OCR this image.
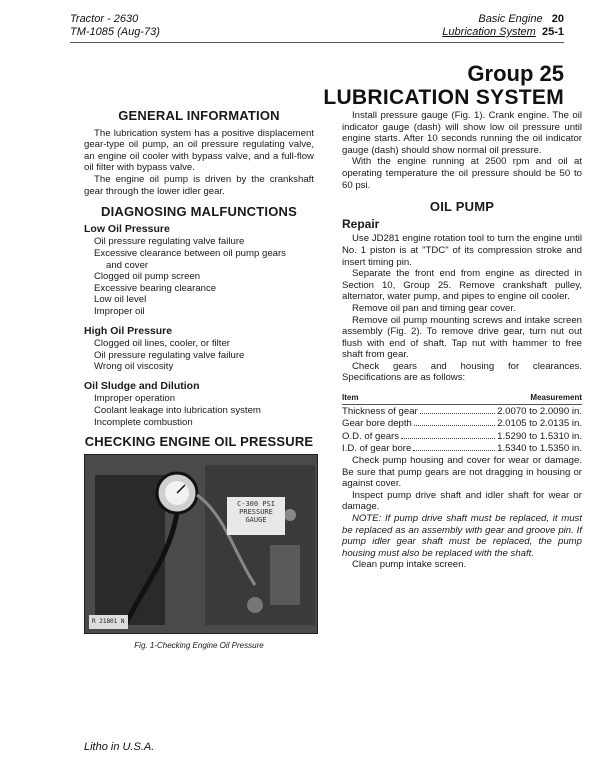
Tractor - 2630
TM-1085 (Aug-73)
Basic Engine 20
Lubrication System 25-1
Group 25
LUBRICATION SYSTEM
GENERAL INFORMATION

The lubrication system has a positive displacement gear-type oil pump, an oil pressure regulating valve, an engine oil cooler with bypass valve, and a full-flow oil filter with bypass valve.

The engine oil pump is driven by the crankshaft gear through the lower idler gear.

DIAGNOSING MALFUNCTIONS
Low Oil Pressure
Oil pressure regulating valve failure
Excessive clearance between oil pump gears
and cover
Clogged oil pump screen
Excessive bearing clearance
Low oil level
Improper oil
High Oil Pressure
Clogged oil lines, cooler, or filter
Oil pressure regulating valve failure
Wrong oil viscosity
Oil Sludge and Dilution
Improper operation
Coolant leakage into lubrication system
Incomplete combustion
CHECKING ENGINE OIL PRESSURE
C-300 PSI PRESSURE GAUGE
R 21801 N
Fig. 1-Checking Engine Oil Pressure

Install pressure gauge (Fig. 1). Crank engine. The oil indicator gauge (dash) will show low oil pressure until engine starts. After 10 seconds running the oil indicator gauge (dash) should show normal oil pressure.

With the engine running at 2500 rpm and oil at operating temperature the oil pressure should be 50 to 60 psi.

OIL PUMP
Repair

Use JD281 engine rotation tool to turn the engine until No. 1 piston is at "TDC" of its compression stroke and insert timing pin.

Separate the front end from engine as directed in Section 10, Group 25. Remove crankshaft pulley, alternator, water pump, and pipes to engine oil cooler.

Remove oil pan and timing gear cover.

Remove oil pump mounting screws and intake screen assembly (Fig. 2). To remove drive gear, turn nut out flush with end of shaft. Tap nut with hammer to free shaft from gear.

Check gears and housing for clearances. Specifications are as follows:

Item	Measurement
Thickness of gear	2.0070 to 2.0090 in.
Gear bore depth	2.0105 to 2.0135 in.
O.D. of gears	1.5290 to 1.5310 in.
I.D. of gear bore	1.5340 to 1.5350 in.

Check pump housing and cover for wear or damage. Be sure that pump gears are not dragging in housing or against cover.

Inspect pump drive shaft and idler shaft for wear or damage.

NOTE: If pump drive shaft must be replaced, it must be replaced as an assembly with gear and groove pin. If pump idler gear shaft must be replaced, the pump housing must also be replaced with the shaft.

Clean pump intake screen.

Litho in U.S.A.
